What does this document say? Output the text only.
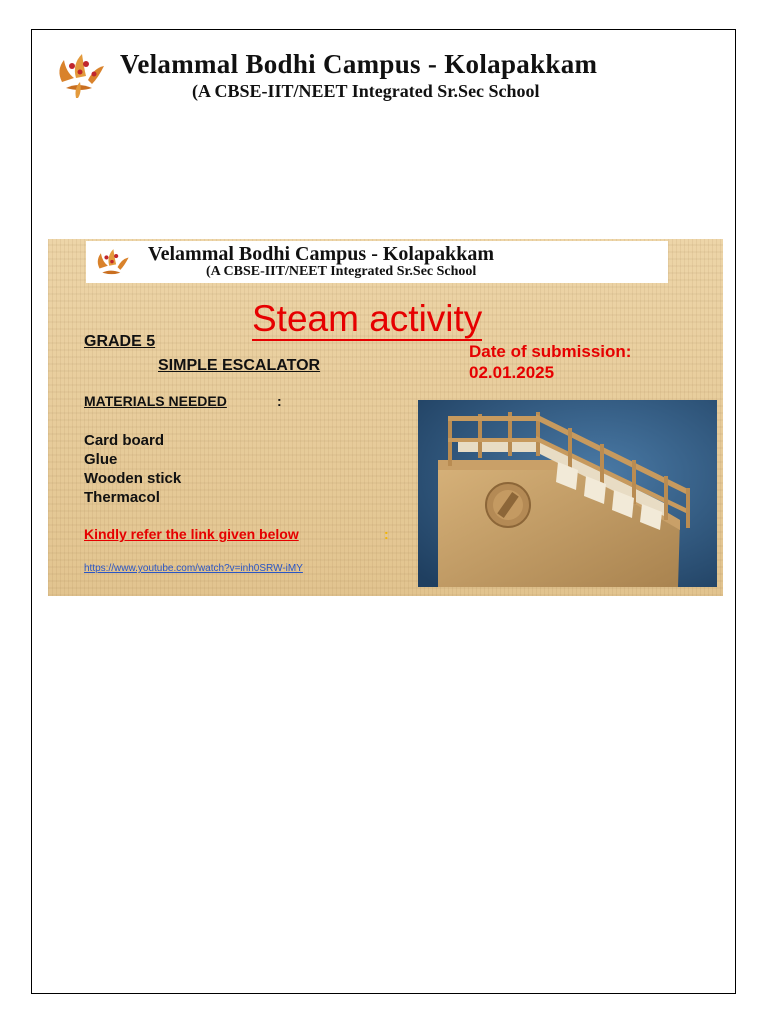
Velammal Bodhi Campus - Kolapakkam
(A CBSE-IIT/NEET Integrated Sr.Sec School
Velammal Bodhi Campus - Kolapakkam
(A CBSE-IIT/NEET Integrated Sr.Sec School
Steam activity
GRADE 5
SIMPLE ESCALATOR
Date of submission:
02.01.2025
MATERIALS NEEDED	:
Card board
Glue
Wooden stick
Thermacol
Kindly refer the link given below	:
https://www.youtube.com/watch?v=inh0SRW-iMY
